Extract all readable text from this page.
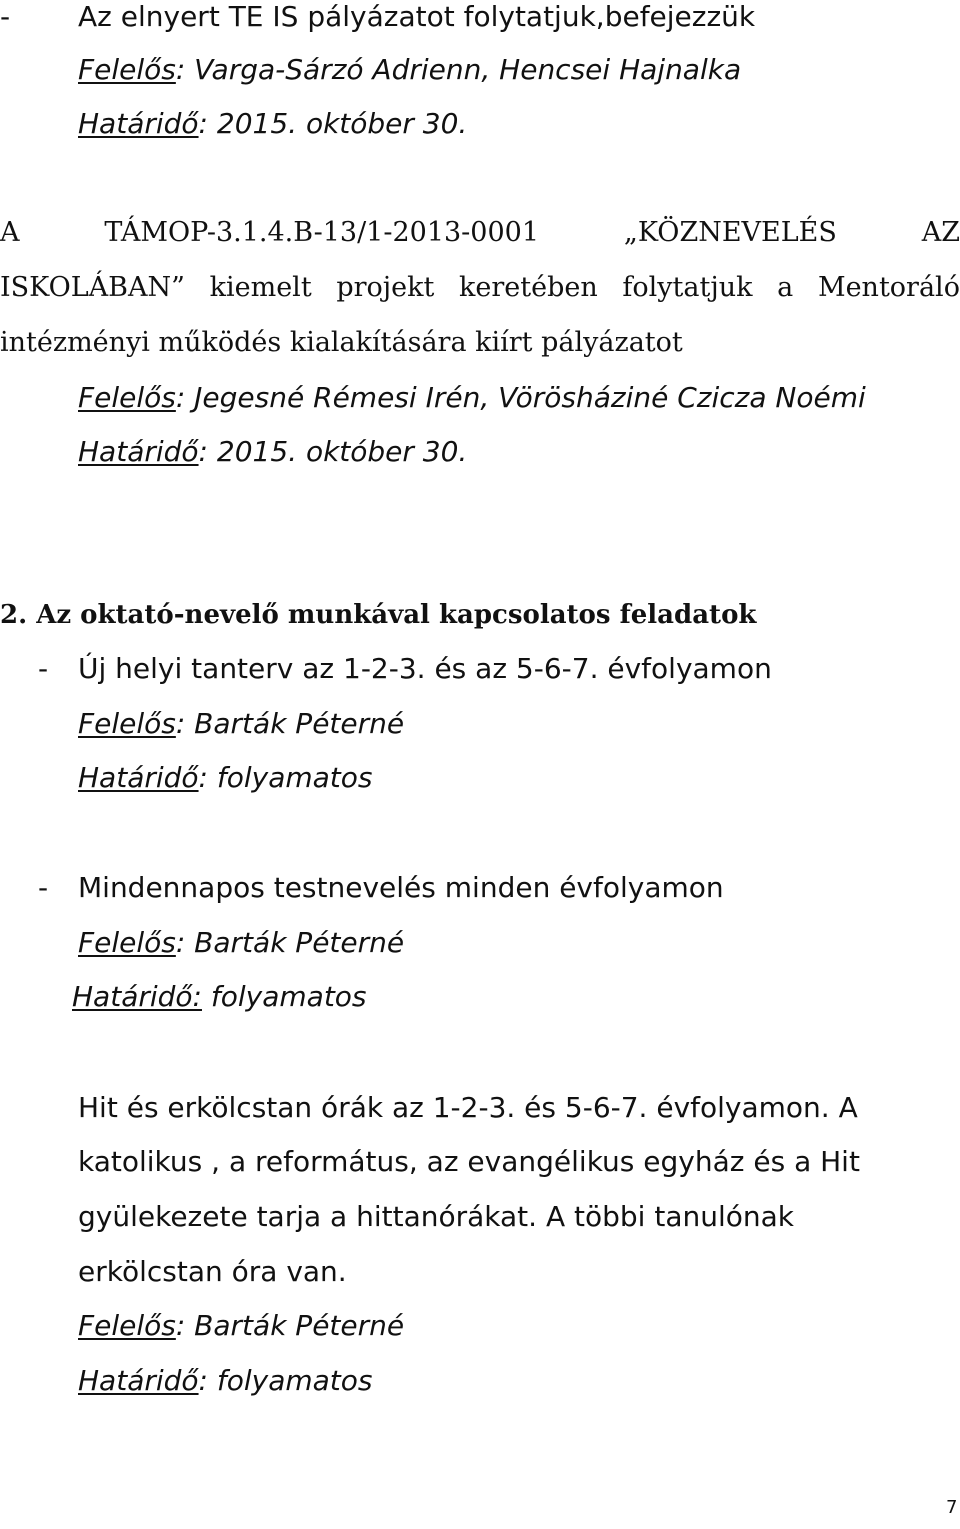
- Az elnyert TE IS pályázatot folytatjuk,befejezzük
Felelős: Varga-Sárzó Adrienn, Hencsei Hajnalka
Határidő: 2015. október 30.
A	TÁMOP-3.1.4.B-13/1-2013-0001	„KÖZNEVELÉS	AZ
ISKOLÁBAN” kiemelt projekt keretében folytatjuk a Mentoráló
intézményi működés kialakítására kiírt pályázatot
Felelős: Jegesné Rémesi Irén, Vörösháziné Czicza Noémi
Határidő: 2015. október 30.
2. Az oktató-nevelő munkával kapcsolatos feladatok
- Új helyi tanterv az 1-2-3. és az 5-6-7. évfolyamon
Felelős: Barták Péterné
Határidő: folyamatos
- Mindennapos testnevelés minden évfolyamon
Felelős: Barták Péterné
Határidő: folyamatos
Hit és erkölcstan órák az 1-2-3. és 5-6-7. évfolyamon. A
katolikus , a református, az evangélikus egyház és a Hit
gyülekezete tarja a hittanórákat. A többi tanulónak
erkölcstan óra van.
Felelős: Barták Péterné
Határidő: folyamatos
7
